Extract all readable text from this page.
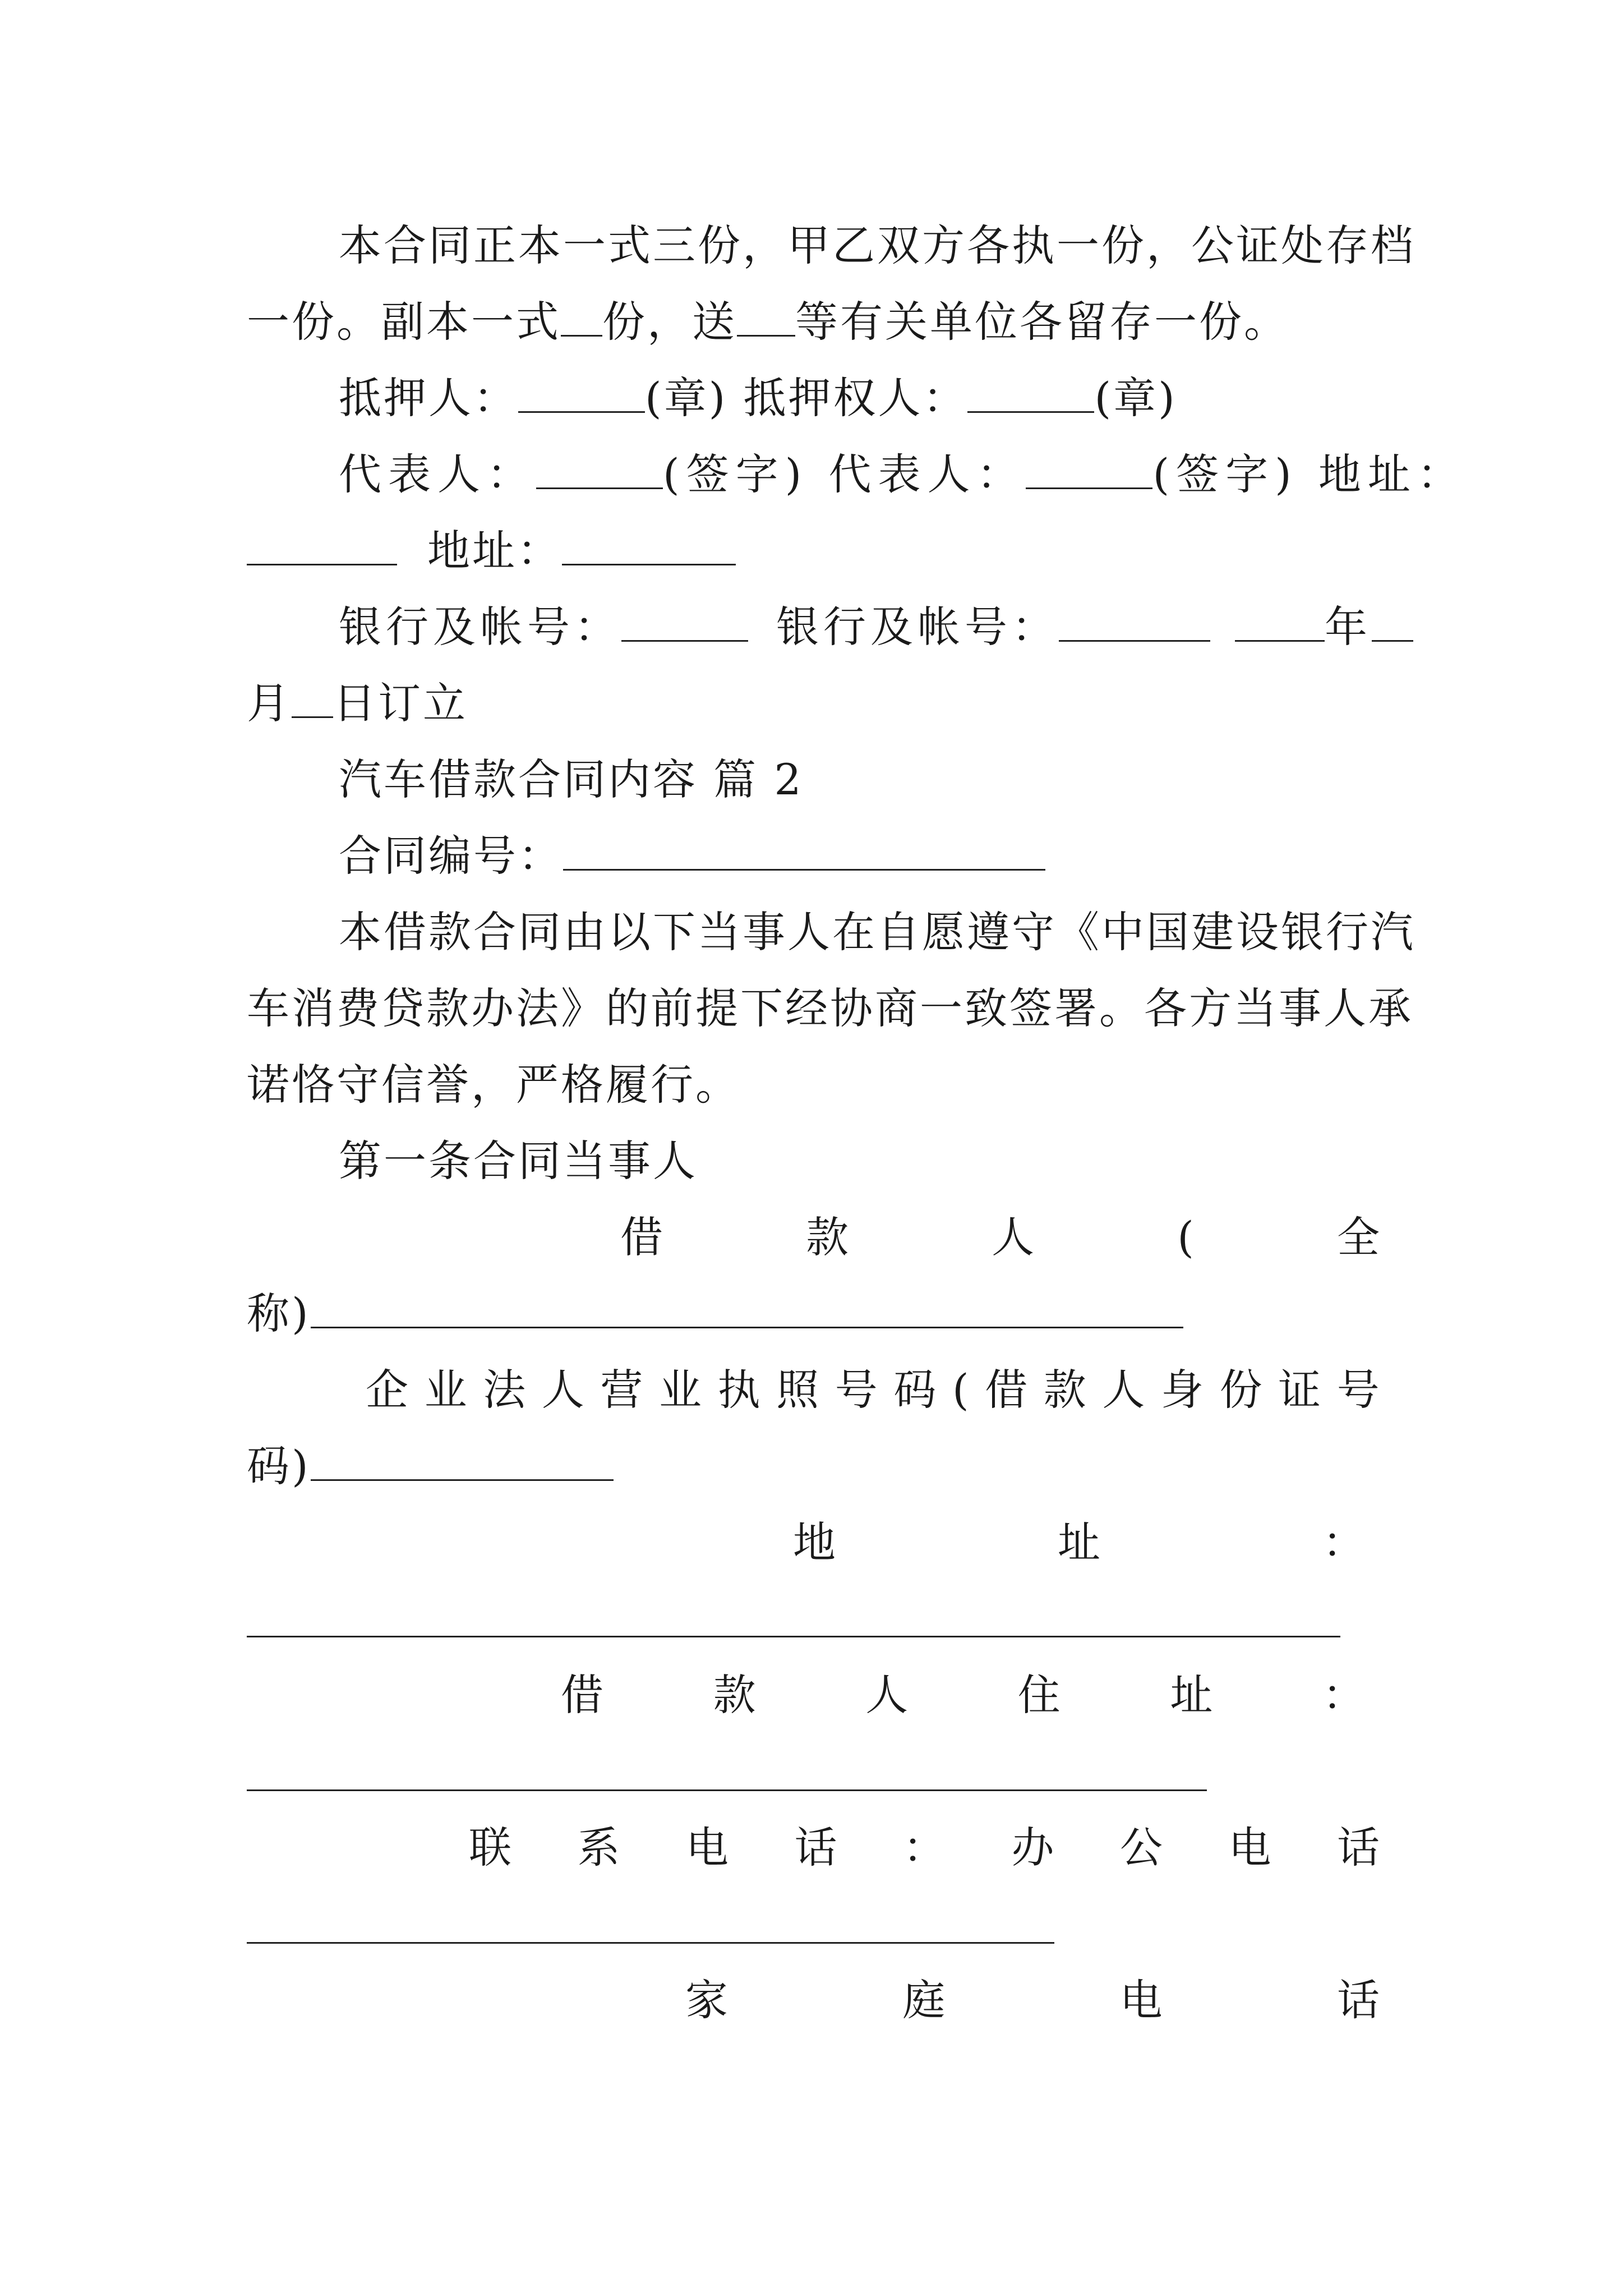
本合同正本一式三份，甲乙双方各执一份，公证处存档
一份。副本一式 份，送 等有关单位各留存一份。
抵押人：	(章) 抵押权人：	(章)
代表人：	(签字) 代表人：	(签字) 地址：
地址：
银行及帐号：	银行及帐号：	年
月 日订立
汽车借款合同内容 篇 2
合同编号：
本借款合同由以下当事人在自愿遵守《中国建设银行汽
车消费贷款办法》的前提下经协商一致签署。各方当事人承
诺恪守信誉，严格履行。
第一条合同当事人
借	款	人	(	全
称)
企 业 法 人 营 业 执 照 号 码 ( 借 款 人 身 份 证 号
码)
地	址	：
借	款	人	住	址	：
联 系 电 话 ： 办 公 电 话
家	庭	电	话
